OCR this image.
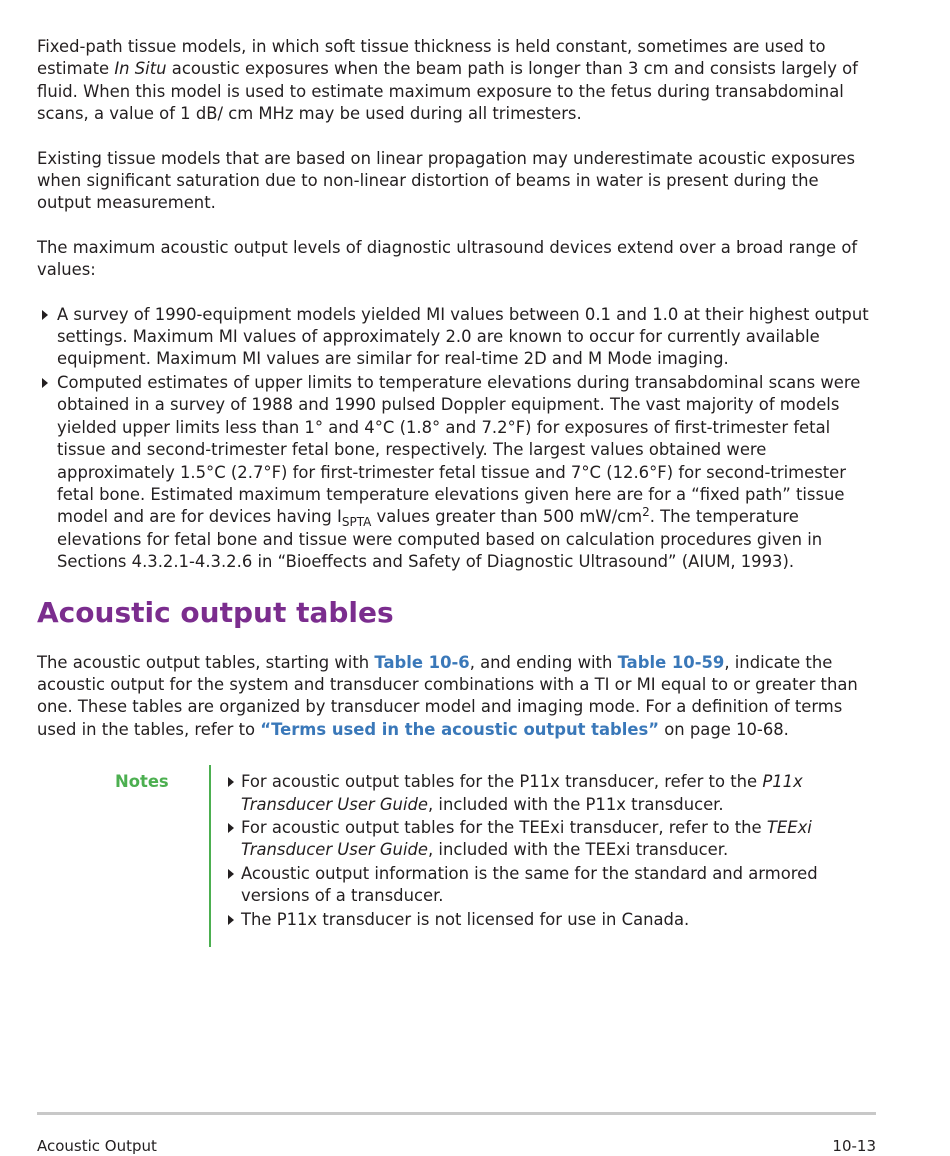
Fixed-path tissue models, in which soft tissue thickness is held constant, sometimes are used to estimate In Situ acoustic exposures when the beam path is longer than 3 cm and consists largely of fluid. When this model is used to estimate maximum exposure to the fetus during transabdominal scans, a value of 1 dB/ cm MHz may be used during all trimesters.

Existing tissue models that are based on linear propagation may underestimate acoustic exposures when significant saturation due to non-linear distortion of beams in water is present during the output measurement.

The maximum acoustic output levels of diagnostic ultrasound devices extend over a broad range of values:

A survey of 1990-equipment models yielded MI values between 0.1 and 1.0 at their highest output settings. Maximum MI values of approximately 2.0 are known to occur for currently available equipment. Maximum MI values are similar for real-time 2D and M Mode imaging.
Computed estimates of upper limits to temperature elevations during transabdominal scans were obtained in a survey of 1988 and 1990 pulsed Doppler equipment. The vast majority of models yielded upper limits less than 1° and 4°C (1.8° and 7.2°F) for exposures of first-trimester fetal tissue and second-trimester fetal bone, respectively. The largest values obtained were approximately 1.5°C (2.7°F) for first-trimester fetal tissue and 7°C (12.6°F) for second-trimester fetal bone. Estimated maximum temperature elevations given here are for a “fixed path” tissue model and are for devices having $I_{SPTA}$ values greater than 500 $mW/cm^2$. The temperature elevations for fetal bone and tissue were computed based on calculation procedures given in Sections 4.3.2.1-4.3.2.6 in “Bioeffects and Safety of Diagnostic Ultrasound” (AIUM, 1993).
Acoustic output tables

The acoustic output tables, starting with Table 10-6, and ending with Table 10-59, indicate the acoustic output for the system and transducer combinations with a TI or MI equal to or greater than one. These tables are organized by transducer model and imaging mode. For a definition of terms used in the tables, refer to “Terms used in the acoustic output tables” on page 10-68.

Notes	For acoustic output tables for the P11x transducer, refer to the P11x Transducer User Guide, included with the P11x transducer.
For acoustic output tables for the TEExi transducer, refer to the TEExi Transducer User Guide, included with the TEExi transducer.
Acoustic output information is the same for the standard and armored versions of a transducer.
The P11x transducer is not licensed for use in Canada.
Acoustic Output	10-13
